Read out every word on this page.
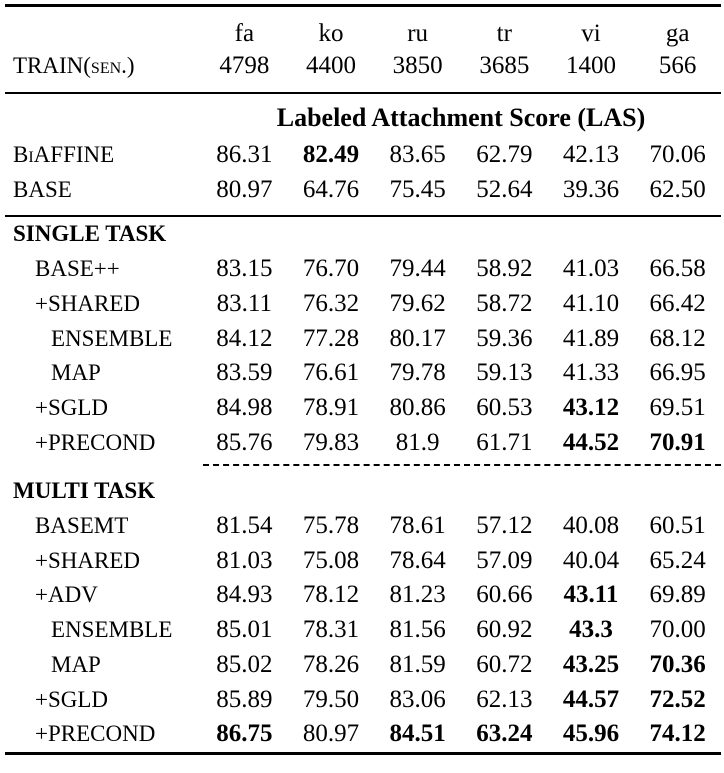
	fa	ko	ru	tr	vi	ga
TRAIN(sen.)	4798	4400	3850	3685	1400	566
	Labeled Attachment Score (LAS)					
BiAFFINE	86.31	82.49	83.65	62.79	42.13	70.06
BASE	80.97	64.76	75.45	52.64	39.36	62.50

SINGLE TASK						
BASE++	83.15	76.70	79.44	58.92	41.03	66.58
+SHARED	83.11	76.32	79.62	58.72	41.10	66.42
ENSEMBLE	84.12	77.28	80.17	59.36	41.89	68.12
MAP	83.59	76.61	79.78	59.13	41.33	66.95
+SGLD	84.98	78.91	80.86	60.53	43.12	69.51
+PRECOND	85.76	79.83	81.9	61.71	44.52	70.91

MULTI TASK						
BASEMT	81.54	75.78	78.61	57.12	40.08	60.51
+SHARED	81.03	75.08	78.64	57.09	40.04	65.24
+ADV	84.93	78.12	81.23	60.66	43.11	69.89
ENSEMBLE	85.01	78.31	81.56	60.92	43.3	70.00
MAP	85.02	78.26	81.59	60.72	43.25	70.36
+SGLD	85.89	79.50	83.06	62.13	44.57	72.52
+PRECOND	86.75	80.97	84.51	63.24	45.96	74.12
